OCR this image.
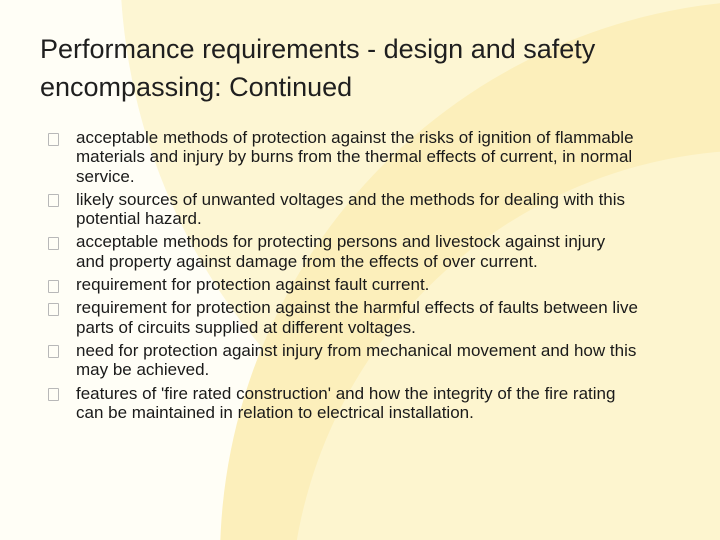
Performance requirements - design and safety encompassing: Continued
acceptable methods of protection against the risks of ignition of flammable materials and injury by burns from the thermal effects of current, in normal service.
likely sources of unwanted voltages and the methods for dealing with this potential hazard.
acceptable methods for protecting persons and livestock against injury and property against damage from the effects of over current.
requirement for protection against fault current.
requirement for protection against the harmful effects of faults between live parts of circuits supplied at different voltages.
need for protection against injury from mechanical movement and how this may be achieved.
features of 'fire rated construction' and how the integrity of the fire rating can be maintained in relation to electrical installation.
